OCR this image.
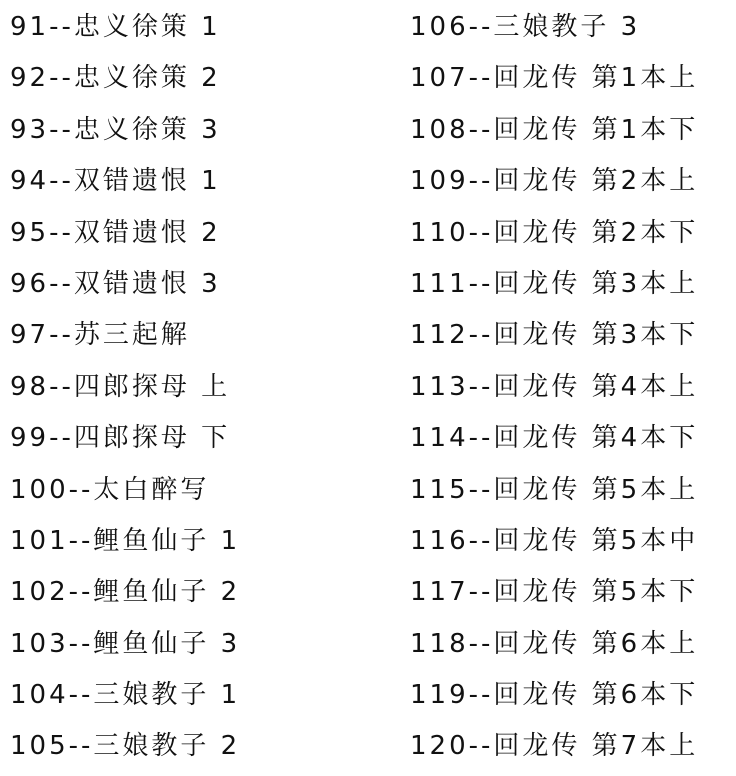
91--忠义徐策 1
92--忠义徐策 2
93--忠义徐策 3
94--双错遗恨 1
95--双错遗恨 2
96--双错遗恨 3
97--苏三起解
98--四郎探母 上
99--四郎探母 下
100--太白醉写
101--鲤鱼仙子 1
102--鲤鱼仙子 2
103--鲤鱼仙子 3
104--三娘教子 1
105--三娘教子 2
106--三娘教子 3
107--回龙传 第1本上
108--回龙传 第1本下
109--回龙传 第2本上
110--回龙传 第2本下
111--回龙传 第3本上
112--回龙传 第3本下
113--回龙传 第4本上
114--回龙传 第4本下
115--回龙传 第5本上
116--回龙传 第5本中
117--回龙传 第5本下
118--回龙传 第6本上
119--回龙传 第6本下
120--回龙传 第7本上
